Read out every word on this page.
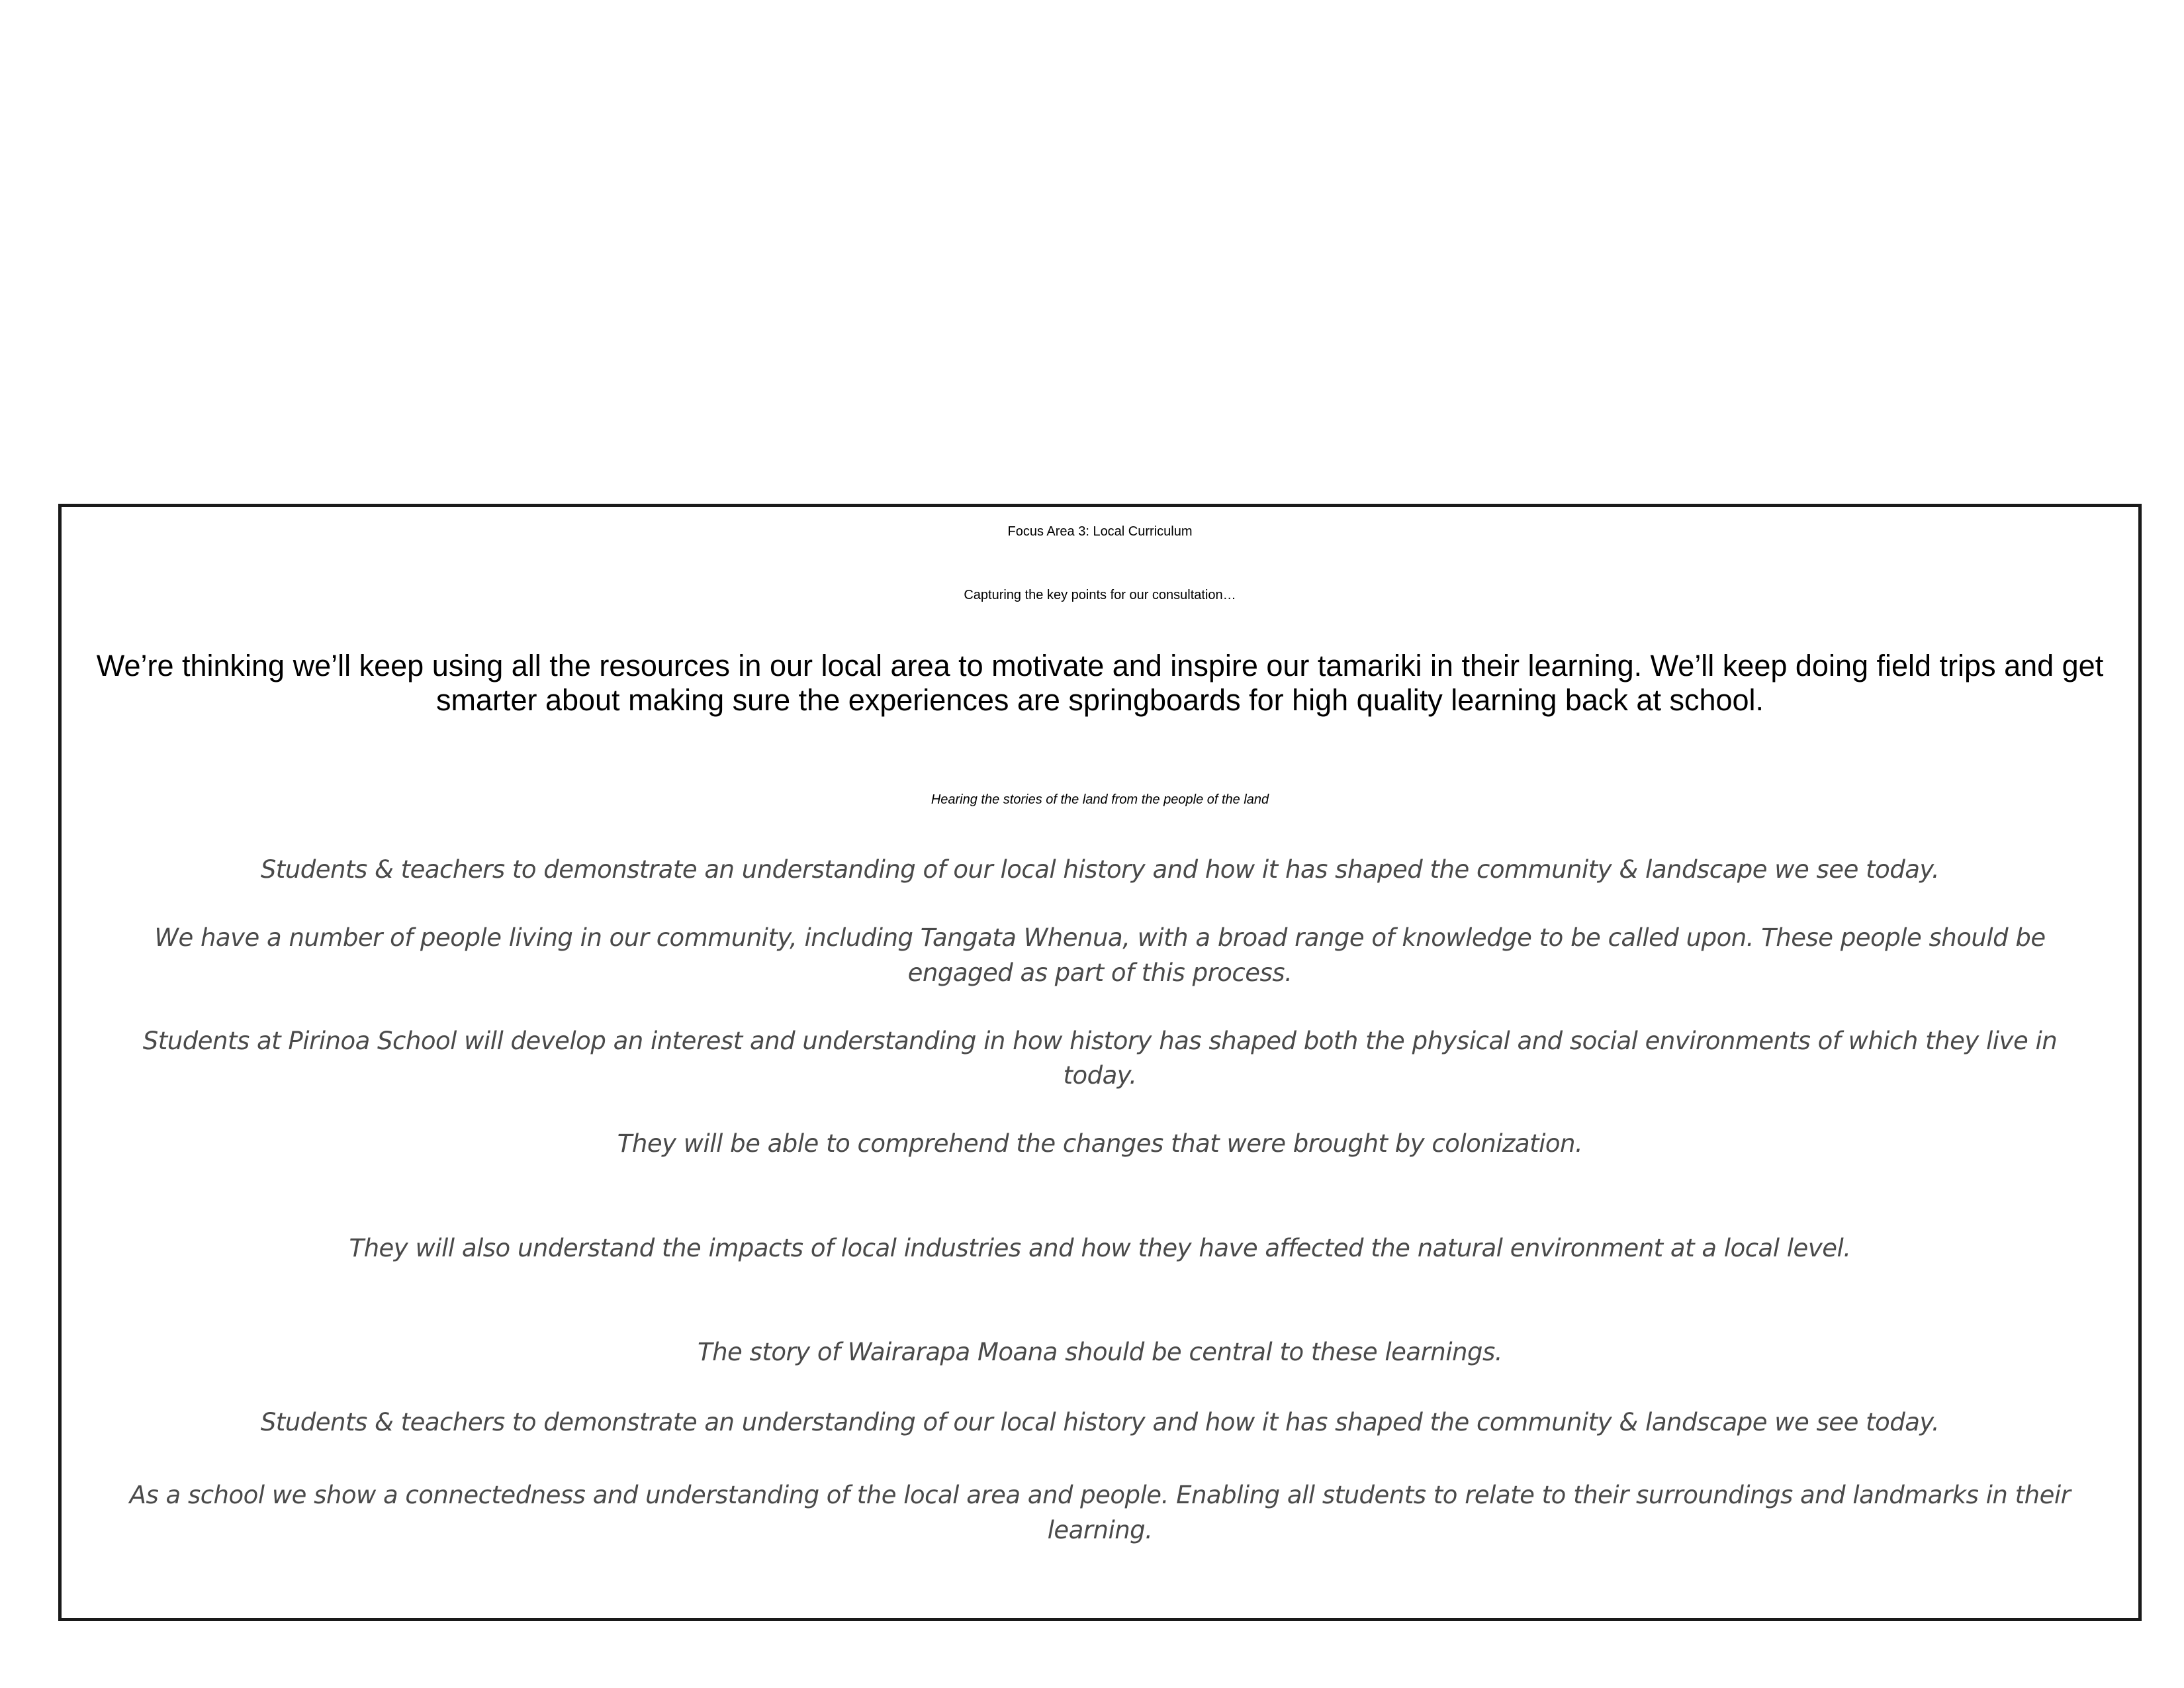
Focus Area 3: Local Curriculum

Capturing the key points for our consultation…

We’re thinking we’ll keep using all the resources in our local area to motivate and inspire our tamariki in their learning. We’ll keep doing field trips and get
smarter about making sure the experiences are springboards for high quality learning back at school.

Hearing the stories of the land from the people of the land

Students & teachers to demonstrate an understanding of our local history and how it has shaped the community & landscape we see today.

We have a number of people living in our community, including Tangata Whenua, with a broad range of knowledge to be called upon. These people should be
engaged as part of this process.

Students at Pirinoa School will develop an interest and understanding in how history has shaped both the physical and social environments of which they live in
today.

They will be able to comprehend the changes that were brought by colonization.

They will also understand the impacts of local industries and how they have affected the natural environment at a local level.

The story of Wairarapa Moana should be central to these learnings.

Students & teachers to demonstrate an understanding of our local history and how it has shaped the community & landscape we see today.

As a school we show a connectedness and understanding of the local area and people. Enabling all students to relate to their surroundings and landmarks in their
learning.
